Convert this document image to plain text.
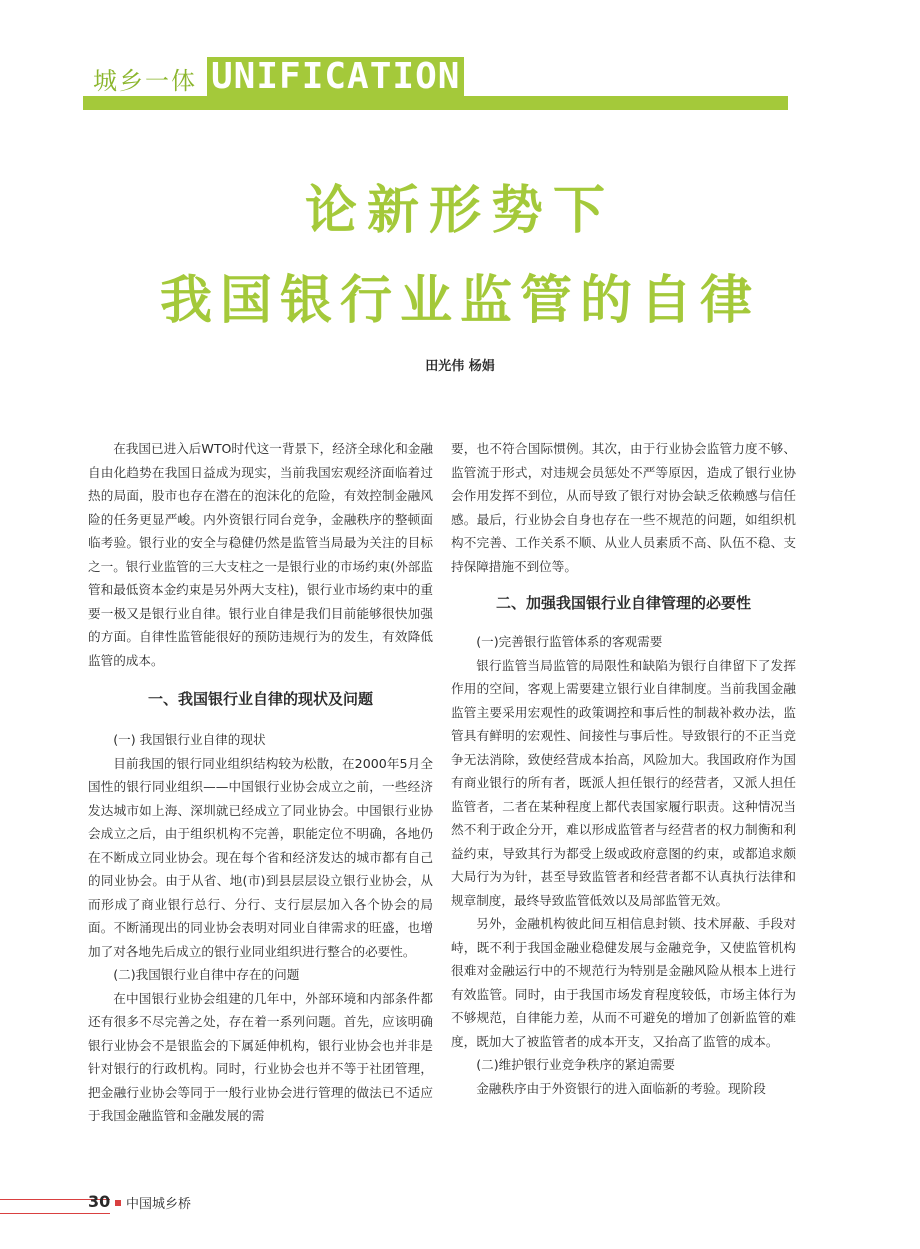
城乡一体 UNIFICATION
论新形势下
我国银行业监管的自律
田光伟 杨娟

在我国已进入后WTO时代这一背景下，经济全球化和金融自由化趋势在我国日益成为现实，当前我国宏观经济面临着过热的局面，股市也存在潜在的泡沫化的危险，有效控制金融风险的任务更显严峻。内外资银行同台竞争，金融秩序的整顿面临考验。银行业的安全与稳健仍然是监管当局最为关注的目标之一。银行业监管的三大支柱之一是银行业的市场约束(外部监管和最低资本金约束是另外两大支柱)，银行业市场约束中的重要一极又是银行业自律。银行业自律是我们目前能够很快加强的方面。自律性监管能很好的预防违规行为的发生，有效降低监管的成本。

一、我国银行业自律的现状及问题

(一) 我国银行业自律的现状

目前我国的银行同业组织结构较为松散，在2000年5月全国性的银行同业组织——中国银行业协会成立之前，一些经济发达城市如上海、深圳就已经成立了同业协会。中国银行业协会成立之后，由于组织机构不完善，职能定位不明确，各地仍在不断成立同业协会。现在每个省和经济发达的城市都有自己的同业协会。由于从省、地(市)到县层层设立银行业协会，从而形成了商业银行总行、分行、支行层层加入各个协会的局面。不断涌现出的同业协会表明对同业自律需求的旺盛，也增加了对各地先后成立的银行业同业组织进行整合的必要性。

(二)我国银行业自律中存在的问题

在中国银行业协会组建的几年中，外部环境和内部条件都还有很多不尽完善之处，存在着一系列问题。首先，应该明确银行业协会不是银监会的下属延伸机构，银行业协会也并非是针对银行的行政机构。同时，行业协会也并不等于社团管理，把金融行业协会等同于一般行业协会进行管理的做法已不适应于我国金融监管和金融发展的需

要，也不符合国际惯例。其次，由于行业协会监管力度不够、监管流于形式，对违规会员惩处不严等原因，造成了银行业协会作用发挥不到位，从而导致了银行对协会缺乏依赖感与信任感。最后，行业协会自身也存在一些不规范的问题，如组织机构不完善、工作关系不顺、从业人员素质不高、队伍不稳、支持保障措施不到位等。

二、加强我国银行业自律管理的必要性

(一)完善银行监管体系的客观需要

银行监管当局监管的局限性和缺陷为银行自律留下了发挥作用的空间，客观上需要建立银行业自律制度。当前我国金融监管主要采用宏观性的政策调控和事后性的制裁补救办法，监管具有鲜明的宏观性、间接性与事后性。导致银行的不正当竞争无法消除，致使经营成本抬高，风险加大。我国政府作为国有商业银行的所有者，既派人担任银行的经营者，又派人担任监管者，二者在某种程度上都代表国家履行职责。这种情况当然不利于政企分开，难以形成监管者与经营者的权力制衡和利益约束，导致其行为都受上级或政府意图的约束，或都追求颇大局行为为针，甚至导致监管者和经营者都不认真执行法律和规章制度，最终导致监管低效以及局部监管无效。

另外，金融机构彼此间互相信息封锁、技术屏蔽、手段对峙，既不利于我国金融业稳健发展与金融竞争，又使监管机构很难对金融运行中的不规范行为特别是金融风险从根本上进行有效监管。同时，由于我国市场发育程度较低，市场主体行为不够规范，自律能力差，从而不可避免的增加了创新监管的难度，既加大了被监管者的成本开支，又抬高了监管的成本。

(二)维护银行业竞争秩序的紧迫需要

金融秩序由于外资银行的进入面临新的考验。现阶段

30 中国城乡桥
